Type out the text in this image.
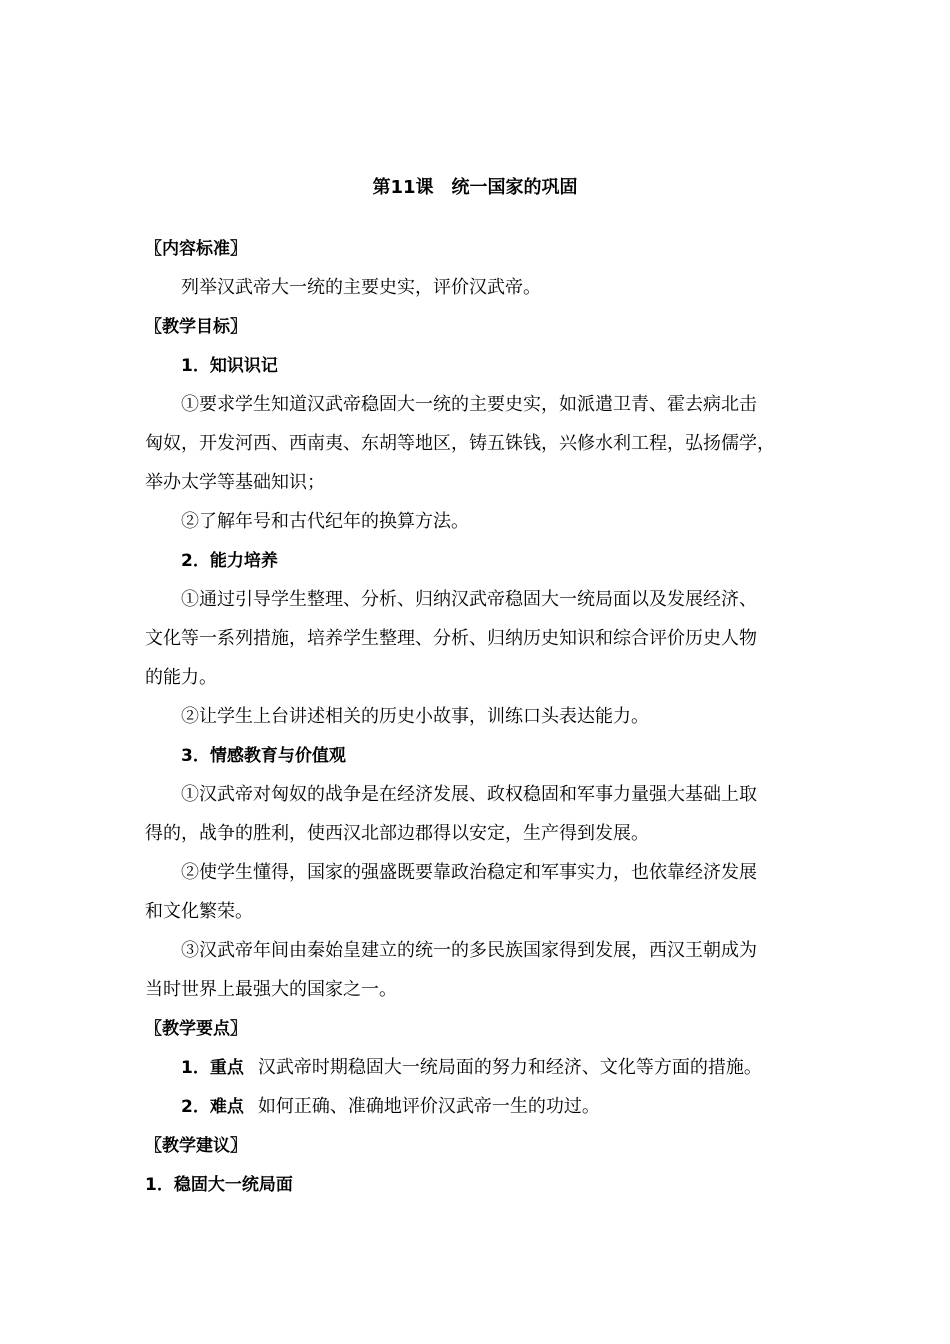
第11课　统一国家的巩固
〖内容标准〗
列举汉武帝大一统的主要史实，评价汉武帝。
〖教学目标〗
1．知识识记
①要求学生知道汉武帝稳固大一统的主要史实，如派遣卫青、霍去病北击
匈奴，开发河西、西南夷、东胡等地区，铸五铢钱，兴修水利工程，弘扬儒学，
举办太学等基础知识；
②了解年号和古代纪年的换算方法。
2．能力培养
①通过引导学生整理、分析、归纳汉武帝稳固大一统局面以及发展经济、
文化等一系列措施，培养学生整理、分析、归纳历史知识和综合评价历史人物
的能力。
②让学生上台讲述相关的历史小故事，训练口头表达能力。
3．情感教育与价值观
①汉武帝对匈奴的战争是在经济发展、政权稳固和军事力量强大基础上取
得的，战争的胜利，使西汉北部边郡得以安定，生产得到发展。
②使学生懂得，国家的强盛既要靠政治稳定和军事实力，也依靠经济发展
和文化繁荣。
③汉武帝年间由秦始皇建立的统一的多民族国家得到发展，西汉王朝成为
当时世界上最强大的国家之一。
〖教学要点〗
1．重点 汉武帝时期稳固大一统局面的努力和经济、文化等方面的措施。
2．难点 如何正确、准确地评价汉武帝一生的功过。
〖教学建议〗
1．稳固大一统局面
